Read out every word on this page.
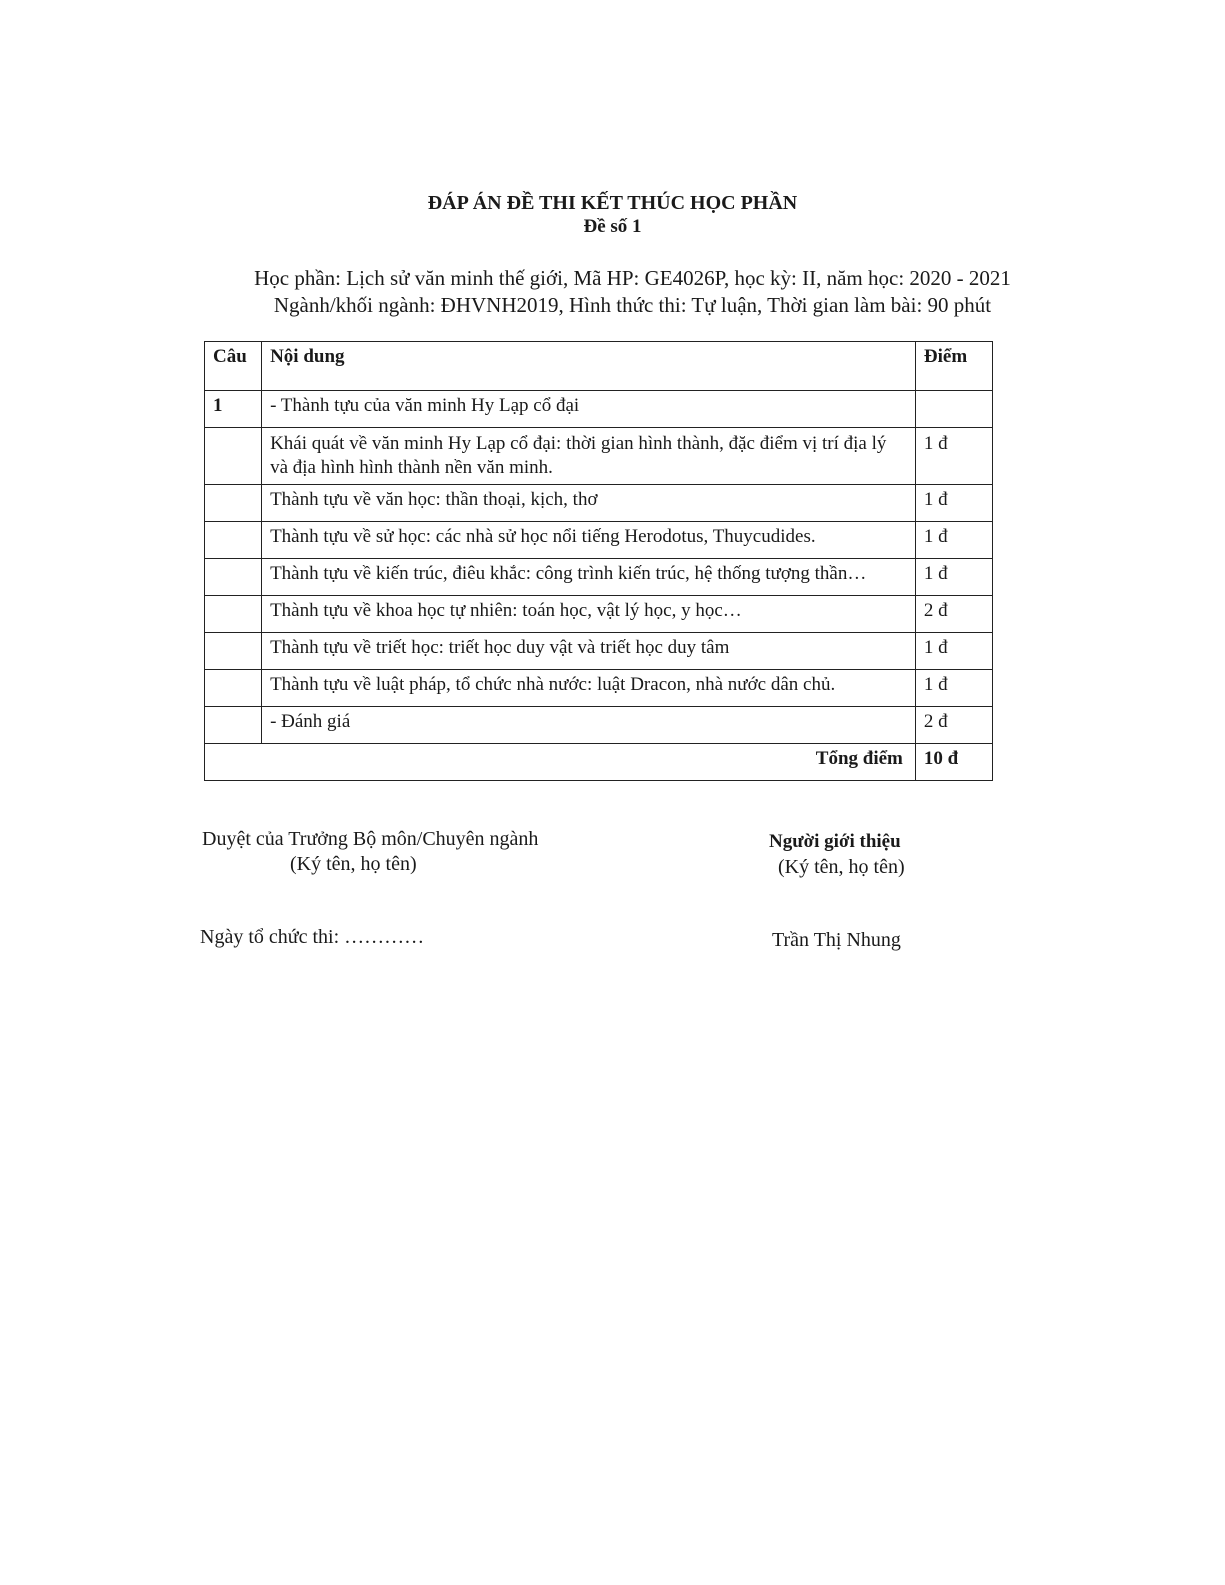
ĐÁP ÁN ĐỀ THI KẾT THÚC HỌC PHẦN
Đề số 1
Học phần: Lịch sử văn minh thế giới, Mã HP: GE4026P, học kỳ: II, năm học: 2020 - 2021
Ngành/khối ngành: ĐHVNH2019, Hình thức thi: Tự luận, Thời gian làm bài: 90 phút
Câu	Nội dung	Điểm
1	- Thành tựu của văn minh Hy Lạp cổ đại	
	Khái quát về văn minh Hy Lạp cổ đại: thời gian hình thành, đặc điểm vị trí địa lý và địa hình hình thành nền văn minh.	1 đ
	Thành tựu về văn học: thần thoại, kịch, thơ	1 đ
	Thành tựu về sử học: các nhà sử học nổi tiếng Herodotus, Thuycudides.	1 đ
	Thành tựu về kiến trúc, điêu khắc: công trình kiến trúc, hệ thống tượng thần…	1 đ
	Thành tựu về khoa học tự nhiên: toán học, vật lý học, y học…	2 đ
	Thành tựu về triết học: triết học duy vật và triết học duy tâm	1 đ
	Thành tựu về luật pháp, tổ chức nhà nước: luật Dracon, nhà nước dân chủ.	1 đ
	- Đánh giá	2 đ
Tổng điểm		10 đ
Duyệt của Trưởng Bộ môn/Chuyên ngành
(Ký tên, họ tên)
Ngày tổ chức thi: …………
Người giới thiệu
(Ký tên, họ tên)
Trần Thị Nhung
